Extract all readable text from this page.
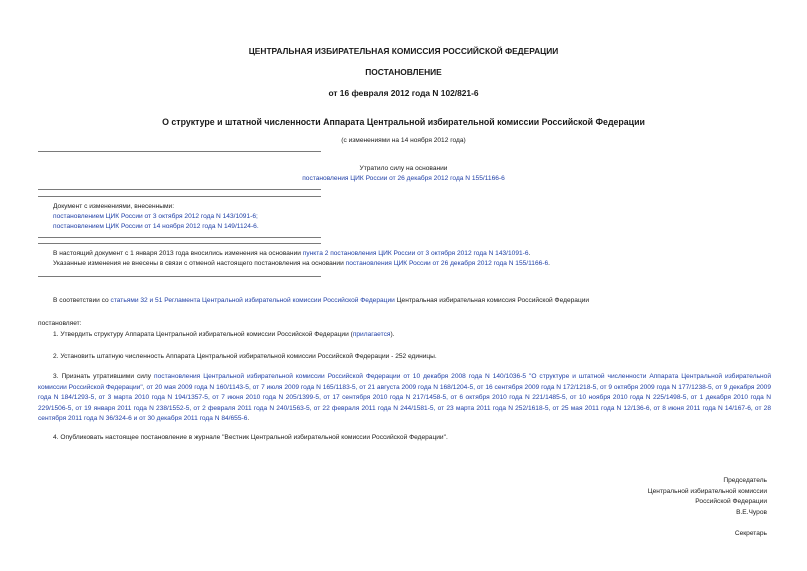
ЦЕНТРАЛЬНАЯ ИЗБИРАТЕЛЬНАЯ КОМИССИЯ РОССИЙСКОЙ ФЕДЕРАЦИИ
ПОСТАНОВЛЕНИЕ
от 16 февраля 2012 года N 102/821-6
О структуре и штатной численности Аппарата Центральной избирательной комиссии Российской Федерации
(с изменениями на 14 ноября 2012 года)
Утратило силу на основании
постановления ЦИК России от 26 декабря 2012 года N 155/1166-6
Документ с изменениями, внесенными:
постановлением ЦИК России от 3 октября 2012 года N 143/1091-6;
постановлением ЦИК России от 14 ноября 2012 года N 149/1124-6.
В настоящий документ с 1 января 2013 года вносились изменения на основании пункта 2 постановления ЦИК России от 3 октября 2012 года N 143/1091-6.
Указанные изменения не внесены в связи с отменой настоящего постановления на основании постановления ЦИК России от 26 декабря 2012 года N 155/1166-6.
В соответствии со статьями 32 и 51 Регламента Центральной избирательной комиссии Российской Федерации Центральная избирательная комиссия Российской Федерации
постановляет:
1. Утвердить структуру Аппарата Центральной избирательной комиссии Российской Федерации (прилагается).
2. Установить штатную численность Аппарата Центральной избирательной комиссии Российской Федерации - 252 единицы.
3. Признать утратившими силу постановления Центральной избирательной комиссии Российской Федерации от 10 декабря 2008 года N 140/1036-5 "О структуре и штатной численности Аппарата Центральной избирательной комиссии Российской Федерации", от 20 мая 2009 года N 160/1143-5, от 7 июля 2009 года N 165/1183-5, от 21 августа 2009 года N 168/1204-5, от 16 сентября 2009 года N 172/1218-5, от 9 октября 2009 года N 177/1238-5, от 9 декабря 2009 года N 184/1293-5, от 3 марта 2010 года N 194/1357-5, от 7 июня 2010 года N 205/1399-5, от 17 сентября 2010 года N 217/1458-5, от 6 октября 2010 года N 221/1485-5, от 10 ноября 2010 года N 225/1498-5, от 1 декабря 2010 года N 229/1506-5, от 19 января 2011 года N 238/1552-5, от 2 февраля 2011 года N 240/1563-5, от 22 февраля 2011 года N 244/1581-5, от 23 марта 2011 года N 252/1618-5, от 25 мая 2011 года N 12/136-6, от 8 июня 2011 года N 14/167-6, от 28 сентября 2011 года N 36/324-6 и от 30 декабря 2011 года N 84/655-6.
4. Опубликовать настоящее постановление в журнале "Вестник Центральной избирательной комиссии Российской Федерации".
Председатель
Центральной избирательной комиссии
Российской Федерации
В.Е.Чуров
Секретарь
